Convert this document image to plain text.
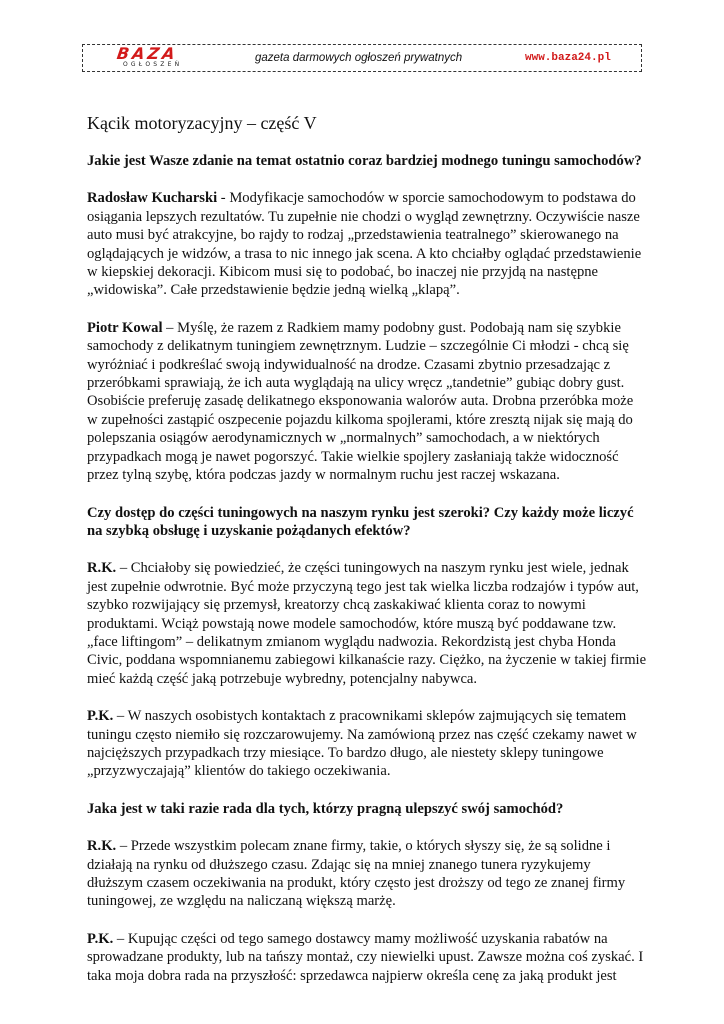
BAZA
OGŁOSZEŃ
gazeta darmowych ogłoszeń prywatnych	www.baza24.pl
Kącik motoryzacyjny – część V

Jakie jest Wasze zdanie na temat ostatnio coraz bardziej modnego tuningu samochodów?

Radosław Kucharski - Modyfikacje samochodów w sporcie samochodowym to podstawa do osiągania lepszych rezultatów. Tu zupełnie nie chodzi o wygląd zewnętrzny. Oczywiście nasze auto musi być atrakcyjne, bo rajdy to rodzaj „przedstawienia teatralnego” skierowanego na oglądających je widzów, a trasa to nic innego jak scena. A kto chciałby oglądać przedstawienie w kiepskiej dekoracji. Kibicom musi się to podobać, bo inaczej nie przyjdą na następne „widowiska”. Całe przedstawienie będzie jedną wielką „klapą”.

Piotr Kowal – Myślę, że razem z Radkiem mamy podobny gust. Podobają nam się szybkie samochody z delikatnym tuningiem zewnętrznym. Ludzie – szczególnie Ci młodzi - chcą się wyróżniać i podkreślać swoją indywidualność na drodze. Czasami zbytnio przesadzając z przeróbkami sprawiają, że ich auta wyglądają na ulicy wręcz „tandetnie” gubiąc dobry gust. Osobiście preferuję zasadę delikatnego eksponowania walorów auta. Drobna przeróbka może w zupełności zastąpić oszpecenie pojazdu kilkoma spojlerami, które zresztą nijak się mają do polepszania osiągów aerodynamicznych w „normalnych” samochodach, a w niektórych przypadkach mogą je nawet pogorszyć. Takie wielkie spojlery zasłaniają także widoczność przez tylną szybę, która podczas jazdy w normalnym ruchu jest raczej wskazana.

Czy dostęp do części tuningowych na naszym rynku jest szeroki? Czy każdy może liczyć na szybką obsługę i uzyskanie pożądanych efektów?

R.K. – Chciałoby się powiedzieć, że części tuningowych na naszym rynku jest wiele, jednak jest zupełnie odwrotnie. Być może przyczyną tego jest tak wielka liczba rodzajów i typów aut, szybko rozwijający się przemysł, kreatorzy chcą zaskakiwać klienta coraz to nowymi produktami. Wciąż powstają nowe modele samochodów, które muszą być poddawane tzw. „face liftingom” – delikatnym zmianom wyglądu nadwozia. Rekordzistą jest chyba Honda Civic, poddana wspomnianemu zabiegowi kilkanaście razy. Ciężko, na życzenie w takiej firmie mieć każdą część jaką potrzebuje wybredny, potencjalny nabywca.

P.K. – W naszych osobistych kontaktach z pracownikami sklepów zajmujących się tematem tuningu często niemiło się rozczarowujemy. Na zamówioną przez nas część czekamy nawet w najcięższych przypadkach trzy miesiące. To bardzo długo, ale niestety sklepy tuningowe „przyzwyczajają” klientów do takiego oczekiwania.

Jaka jest w taki razie rada dla tych, którzy pragną ulepszyć swój samochód?

R.K. – Przede wszystkim polecam znane firmy, takie, o których słyszy się, że są solidne i działają na rynku od dłuższego czasu. Zdając się na mniej znanego tunera ryzykujemy dłuższym czasem oczekiwania na produkt, który często jest droższy od tego ze znanej firmy tuningowej, ze względu na naliczaną większą marżę.

P.K. – Kupując części od tego samego dostawcy mamy możliwość uzyskania rabatów na sprowadzane produkty, lub na tańszy montaż, czy niewielki upust. Zawsze można coś zyskać. I taka moja dobra rada na przyszłość: sprzedawca najpierw określa cenę za jaką produkt jest
